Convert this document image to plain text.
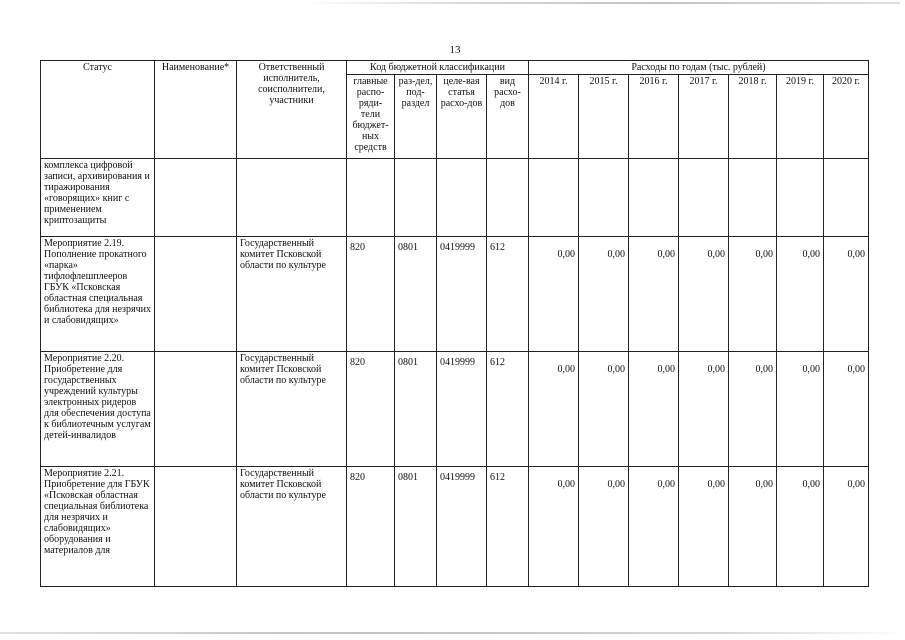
13
Статус	Наименование*	Ответственный исполнитель, соисполнители, участники	Код бюджетной классификации				Расходы по годам (тыс. рублей)						
			главные распо-ряди-тели бюджет-ных средств	раз-дел, под-раздел	целе-вая статья расхо-дов	вид расхо-дов	2014 г.	2015 г.	2016 г.	2017 г.	2018 г.	2019 г.	2020 г.
комплекса цифровой записи, архивирования и тиражирования «говорящих» книг с применением криптозащиты													
Мероприятие 2.19. Пополнение прокатного «парка» тифлофлешплееров ГБУК «Псковская областная специальная библиотека для незрячих и слабовидящих»		Государственный комитет Псковской области по культуре	820	0801	0419999	612	0,00	0,00	0,00	0,00	0,00	0,00	0,00
Мероприятие 2.20. Приобретение для государственных учреждений культуры электронных ридеров для обеспечения доступа к библиотечным услугам детей-инвалидов		Государственный комитет Псковской области по культуре	820	0801	0419999	612	0,00	0,00	0,00	0,00	0,00	0,00	0,00
Мероприятие 2.21. Приобретение для ГБУК «Псковская областная специальная библиотека для незрячих и слабовидящих» оборудования и материалов для		Государственный комитет Псковской области по культуре	820	0801	0419999	612	0,00	0,00	0,00	0,00	0,00	0,00	0,00
